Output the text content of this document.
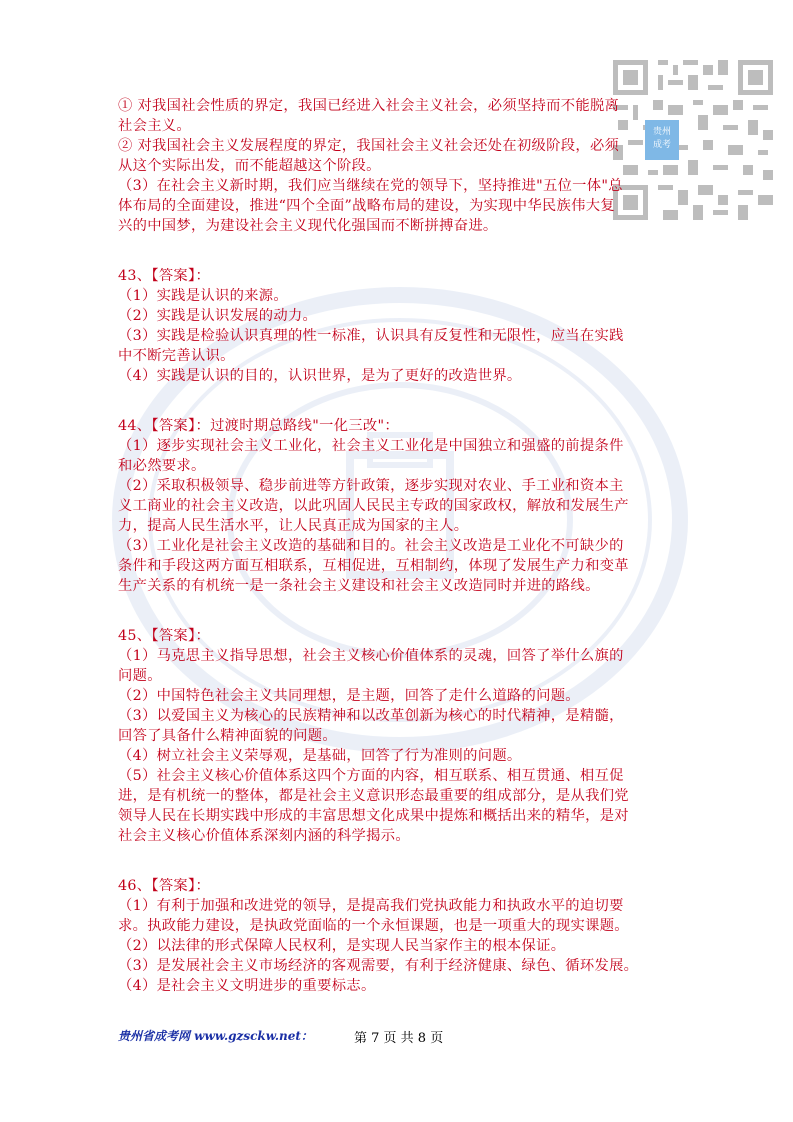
贵州
成考
① 对我国社会性质的界定，我国已经进入社会主义社会，必须坚持而不能脱离
社会主义。
② 对我国社会主义发展程度的界定，我国社会主义社会还处在初级阶段，必须
从这个实际出发，而不能超越这个阶段。
（3）在社会主义新时期，我们应当继续在党的领导下，坚持推进"五位一体"总
体布局的全面建设，推进“四个全面”战略布局的建设，为实现中华民族伟大复
兴的中国梦，为建设社会主义现代化强国而不断拼搏奋进。
43、【答案】：
（1）实践是认识的来源。
（2）实践是认识发展的动力。
（3）实践是检验认识真理的性一标准，认识具有反复性和无限性，应当在实践
中不断完善认识。
（4）实践是认识的目的，认识世界，是为了更好的改造世界。
44、【答案】：过渡时期总路线"一化三改"：
（1）逐步实现社会主义工业化，社会主义工业化是中国独立和强盛的前提条件
和必然要求。
（2）采取积极领导、稳步前进等方针政策，逐步实现对农业、手工业和资本主
义工商业的社会主义改造，以此巩固人民民主专政的国家政权，解放和发展生产
力，提高人民生活水平，让人民真正成为国家的主人。
（3）工业化是社会主义改造的基础和目的。社会主义改造是工业化不可缺少的
条件和手段这两方面互相联系，互相促进，互相制约，体现了发展生产力和变革
生产关系的有机统一是一条社会主义建设和社会主义改造同时并进的路线。
45、【答案】：
（1）马克思主义指导思想，社会主义核心价值体系的灵魂，回答了举什么旗的
问题。
（2）中国特色社会主义共同理想，是主题，回答了走什么道路的问题。
（3）以爱国主义为核心的民族精神和以改革创新为核心的时代精神，是精髓，
回答了具备什么精神面貌的问题。
（4）树立社会主义荣辱观，是基础，回答了行为准则的问题。
（5）社会主义核心价值体系这四个方面的内容，相互联系、相互贯通、相互促
进，是有机统一的整体，都是社会主义意识形态最重要的组成部分，是从我们党
领导人民在长期实践中形成的丰富思想文化成果中提炼和概括出来的精华，是对
社会主义核心价值体系深刻内涵的科学揭示。
46、【答案】：
（1）有利于加强和改进党的领导，是提高我们党执政能力和执政水平的迫切要
求。执政能力建设，是执政党面临的一个永恒课题，也是一项重大的现实课题。
（2）以法律的形式保障人民权利，是实现人民当家作主的根本保证。
（3）是发展社会主义市场经济的客观需要，有利于经济健康、绿色、循环发展。
（4）是社会主义文明进步的重要标志。
贵州省成考网 www.gzsckw.net：	第 7 页 共 8 页
